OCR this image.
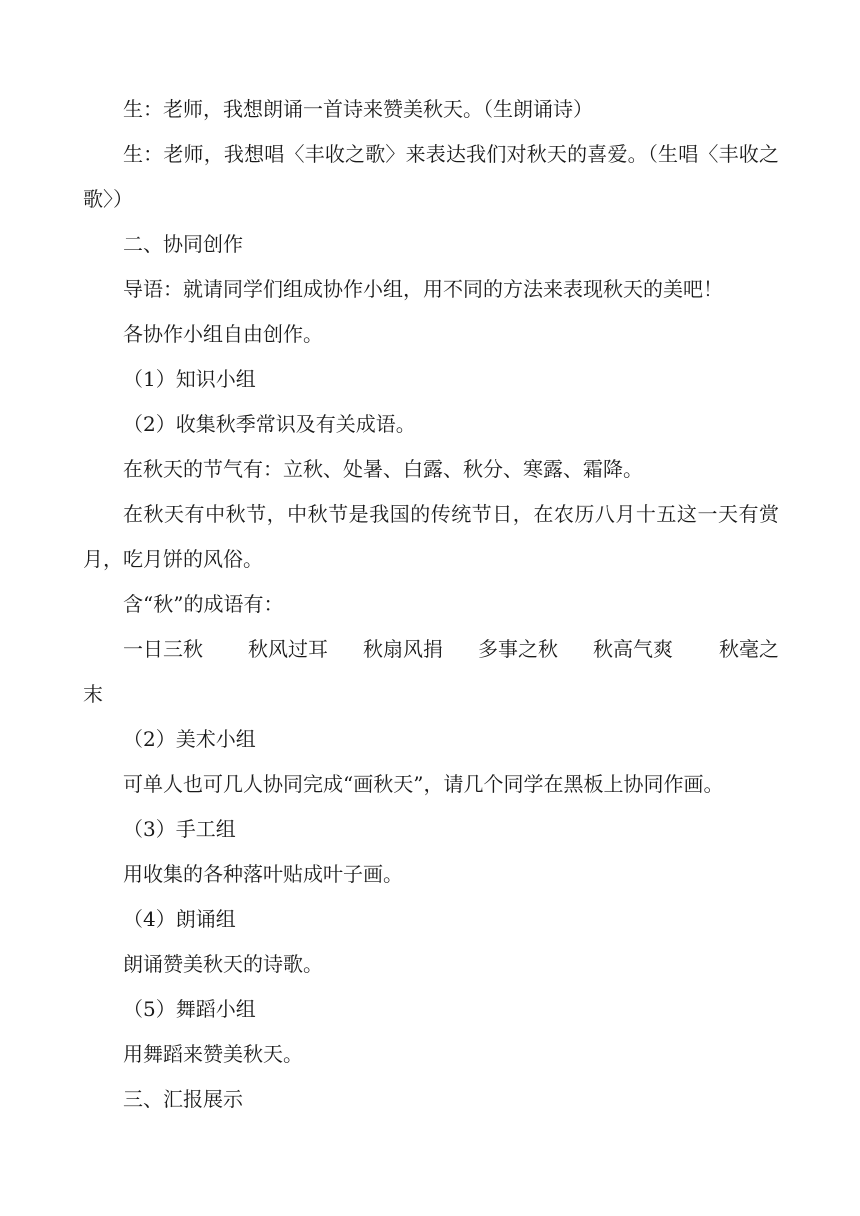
生：老师，我想朗诵一首诗来赞美秋天。（生朗诵诗）

生：老师，我想唱〈丰收之歌〉来表达我们对秋天的喜爱。（生唱〈丰收之歌〉）

二、协同创作

导语：就请同学们组成协作小组，用不同的方法来表现秋天的美吧！

各协作小组自由创作。

（1）知识小组

（2）收集秋季常识及有关成语。

在秋天的节气有：立秋、处暑、白露、秋分、寒露、霜降。

在秋天有中秋节，中秋节是我国的传统节日，在农历八月十五这一天有赏月，吃月饼的风俗。

含“秋”的成语有：

一日三秋 秋风过耳 秋扇风捐 多事之秋 秋高气爽 秋毫之
末

（2）美术小组

可单人也可几人协同完成“画秋天”，请几个同学在黑板上协同作画。

（3）手工组

用收集的各种落叶贴成叶子画。

（4）朗诵组

朗诵赞美秋天的诗歌。

（5）舞蹈小组

用舞蹈来赞美秋天。

三、汇报展示
